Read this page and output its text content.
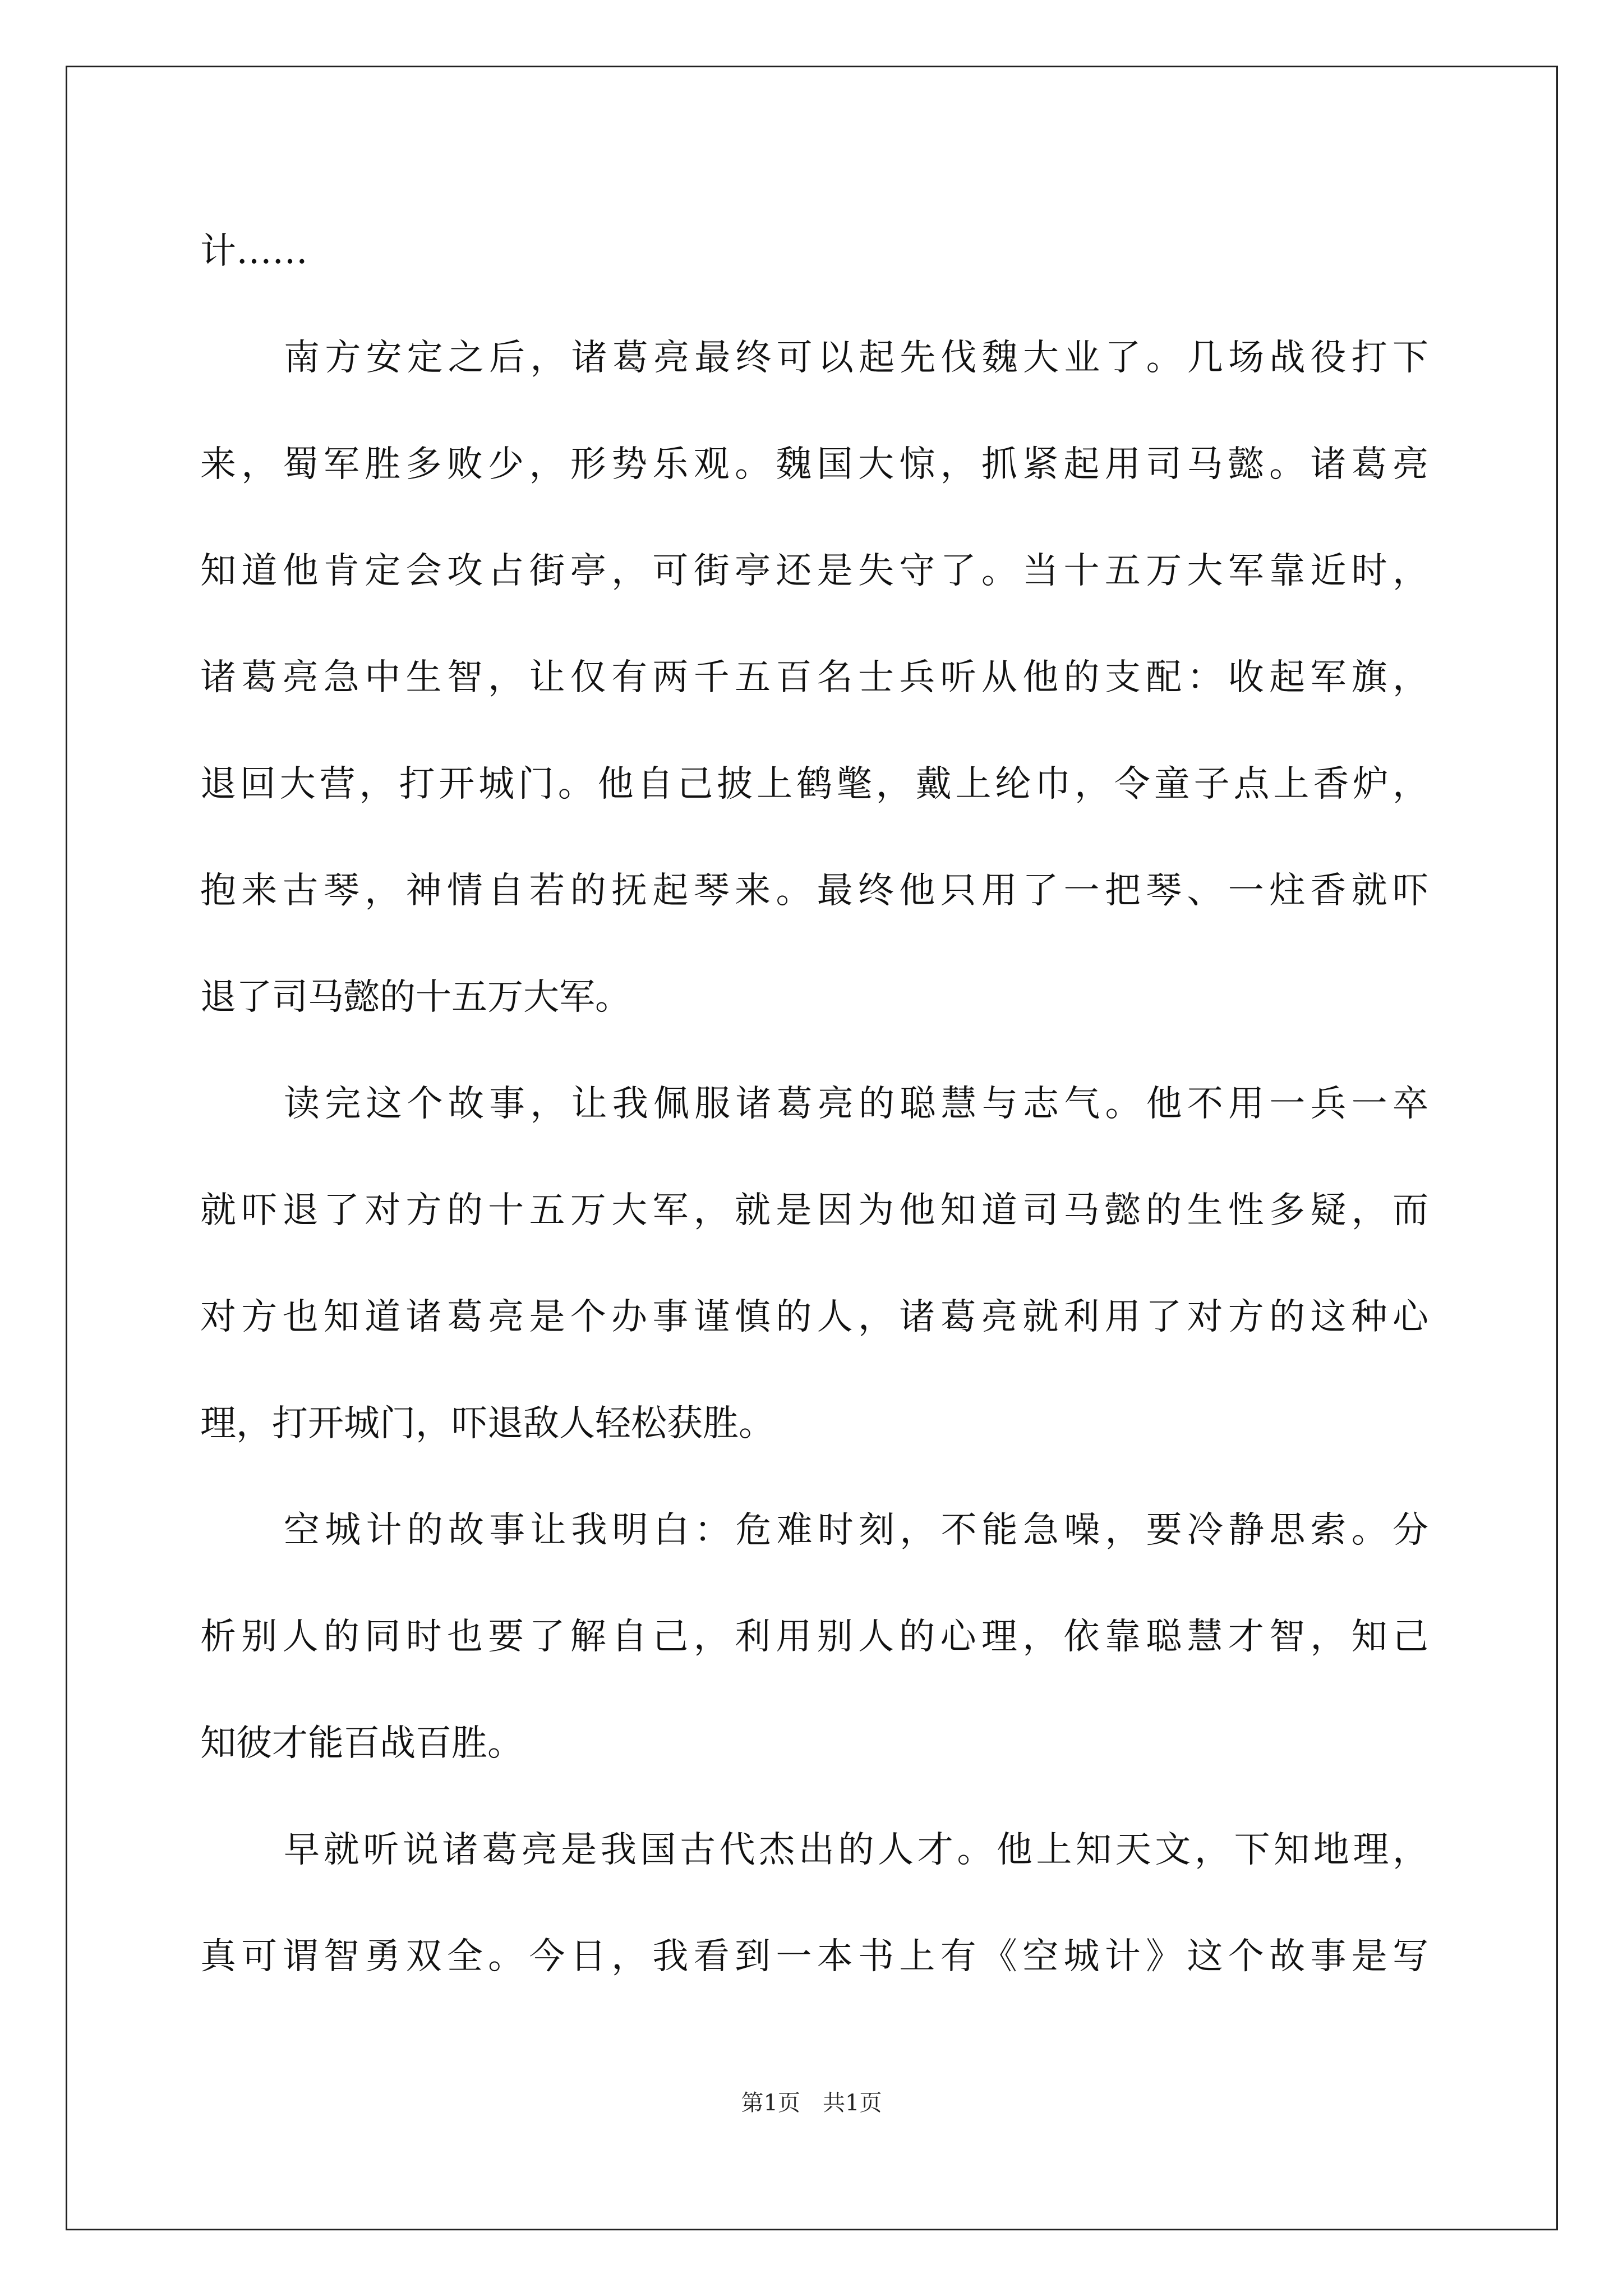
计……
南方安定之后，诸葛亮最终可以起先伐魏大业了。几场战役打下
来，蜀军胜多败少，形势乐观。魏国大惊，抓紧起用司马懿。诸葛亮
知道他肯定会攻占街亭，可街亭还是失守了。当十五万大军靠近时，
诸葛亮急中生智，让仅有两千五百名士兵听从他的支配：收起军旗，
退回大营，打开城门。他自己披上鹤氅，戴上纶巾，令童子点上香炉，
抱来古琴，神情自若的抚起琴来。最终他只用了一把琴、一炷香就吓
退了司马懿的十五万大军。
读完这个故事，让我佩服诸葛亮的聪慧与志气。他不用一兵一卒
就吓退了对方的十五万大军，就是因为他知道司马懿的生性多疑，而
对方也知道诸葛亮是个办事谨慎的人，诸葛亮就利用了对方的这种心
理，打开城门，吓退敌人轻松获胜。
空城计的故事让我明白：危难时刻，不能急噪，要冷静思索。分
析别人的同时也要了解自己，利用别人的心理，依靠聪慧才智，知己
知彼才能百战百胜。
早就听说诸葛亮是我国古代杰出的人才。他上知天文，下知地理，
真可谓智勇双全。今日，我看到一本书上有《空城计》这个故事是写
第1页　共1页
